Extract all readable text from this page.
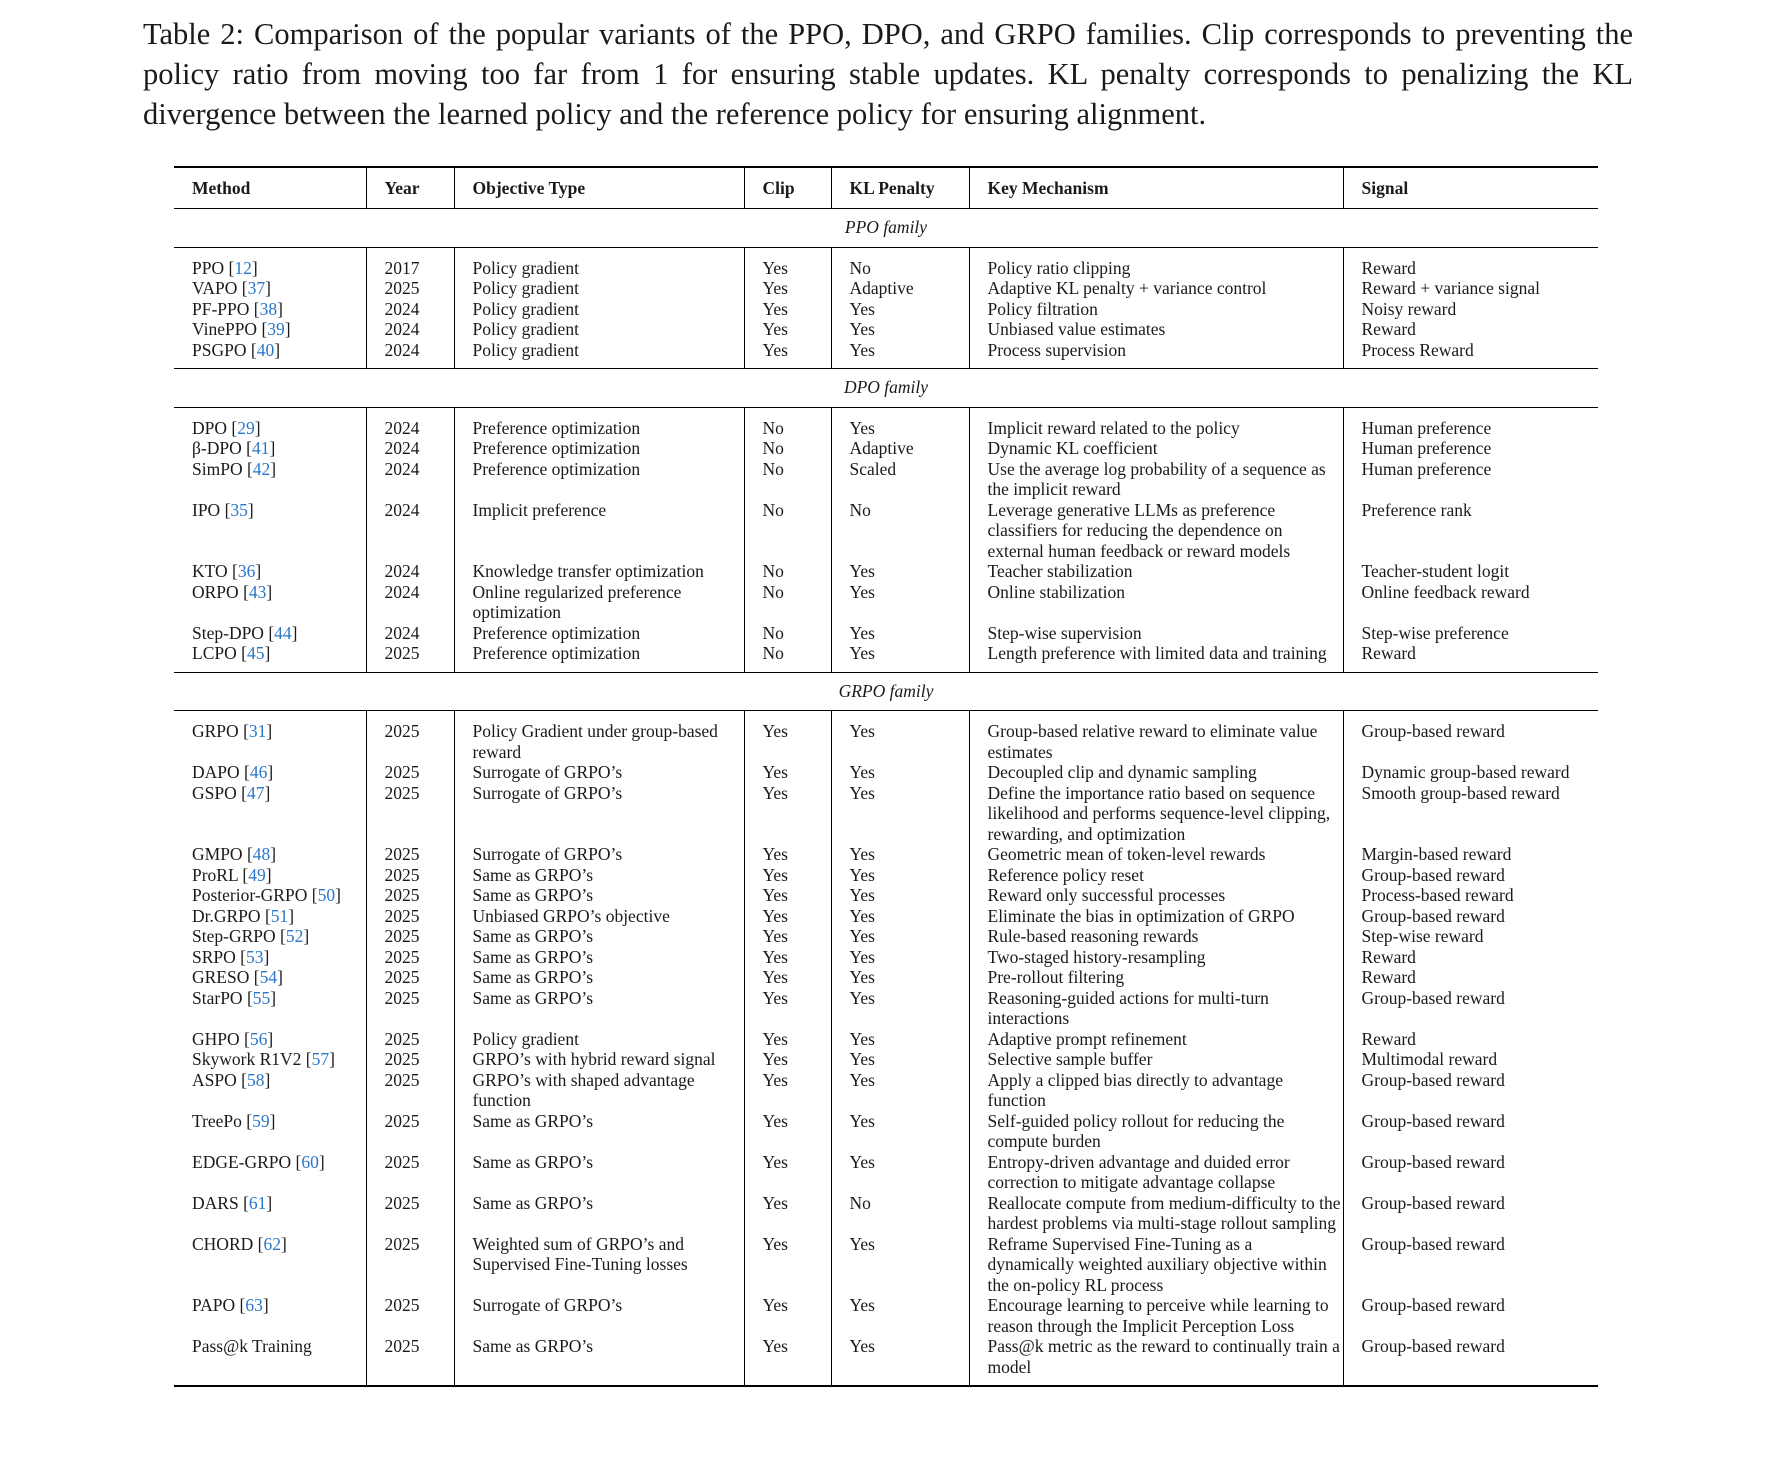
Table 2: Comparison of the popular variants of the PPO, DPO, and GRPO families. Clip corresponds to preventing the policy ratio from moving too far from 1 for ensuring stable updates. KL penalty corresponds to penalizing the KL divergence between the learned policy and the reference policy for ensuring alignment.
Method	Year	Objective Type	Clip	KL Penalty	Key Mechanism	Signal
PPO family						
PPO [12]	2017	Policy gradient	Yes	No	Policy ratio clipping	Reward
VAPO [37]	2025	Policy gradient	Yes	Adaptive	Adaptive KL penalty + variance control	Reward + variance signal
PF-PPO [38]	2024	Policy gradient	Yes	Yes	Policy filtration	Noisy reward
VinePPO [39]	2024	Policy gradient	Yes	Yes	Unbiased value estimates	Reward
PSGPO [40]	2024	Policy gradient	Yes	Yes	Process supervision	Process Reward
DPO family						
DPO [29]	2024	Preference optimization	No	Yes	Implicit reward related to the policy	Human preference
β-DPO [41]	2024	Preference optimization	No	Adaptive	Dynamic KL coefficient	Human preference
SimPO [42]	2024	Preference optimization	No	Scaled	Use the average log probability of a sequence as the implicit reward	Human preference
IPO [35]	2024	Implicit preference	No	No	Leverage generative LLMs as preference classifiers for reducing the dependence on external human feedback or reward models	Preference rank
KTO [36]	2024	Knowledge transfer optimization	No	Yes	Teacher stabilization	Teacher-student logit
ORPO [43]	2024	Online regularized preference optimization	No	Yes	Online stabilization	Online feedback reward
Step-DPO [44]	2024	Preference optimization	No	Yes	Step-wise supervision	Step-wise preference
LCPO [45]	2025	Preference optimization	No	Yes	Length preference with limited data and training	Reward
GRPO family						
GRPO [31]	2025	Policy Gradient under group-based reward	Yes	Yes	Group-based relative reward to eliminate value estimates	Group-based reward
DAPO [46]	2025	Surrogate of GRPO’s	Yes	Yes	Decoupled clip and dynamic sampling	Dynamic group-based reward
GSPO [47]	2025	Surrogate of GRPO’s	Yes	Yes	Define the importance ratio based on sequence likelihood and performs sequence-level clipping, rewarding, and optimization	Smooth group-based reward
GMPO [48]	2025	Surrogate of GRPO’s	Yes	Yes	Geometric mean of token-level rewards	Margin-based reward
ProRL [49]	2025	Same as GRPO’s	Yes	Yes	Reference policy reset	Group-based reward
Posterior-GRPO [50]	2025	Same as GRPO’s	Yes	Yes	Reward only successful processes	Process-based reward
Dr.GRPO [51]	2025	Unbiased GRPO’s objective	Yes	Yes	Eliminate the bias in optimization of GRPO	Group-based reward
Step-GRPO [52]	2025	Same as GRPO’s	Yes	Yes	Rule-based reasoning rewards	Step-wise reward
SRPO [53]	2025	Same as GRPO’s	Yes	Yes	Two-staged history-resampling	Reward
GRESO [54]	2025	Same as GRPO’s	Yes	Yes	Pre-rollout filtering	Reward
StarPO [55]	2025	Same as GRPO’s	Yes	Yes	Reasoning-guided actions for multi-turn interactions	Group-based reward
GHPO [56]	2025	Policy gradient	Yes	Yes	Adaptive prompt refinement	Reward
Skywork R1V2 [57]	2025	GRPO’s with hybrid reward signal	Yes	Yes	Selective sample buffer	Multimodal reward
ASPO [58]	2025	GRPO’s with shaped advantage function	Yes	Yes	Apply a clipped bias directly to advantage function	Group-based reward
TreePo [59]	2025	Same as GRPO’s	Yes	Yes	Self-guided policy rollout for reducing the compute burden	Group-based reward
EDGE-GRPO [60]	2025	Same as GRPO’s	Yes	Yes	Entropy-driven advantage and duided error correction to mitigate advantage collapse	Group-based reward
DARS [61]	2025	Same as GRPO’s	Yes	No	Reallocate compute from medium-difficulty to the hardest problems via multi-stage rollout sampling	Group-based reward
CHORD [62]	2025	Weighted sum of GRPO’s and Supervised Fine-Tuning losses	Yes	Yes	Reframe Supervised Fine-Tuning as a dynamically weighted auxiliary objective within the on-policy RL process	Group-based reward
PAPO [63]	2025	Surrogate of GRPO’s	Yes	Yes	Encourage learning to perceive while learning to reason through the Implicit Perception Loss	Group-based reward
Pass@k Training	2025	Same as GRPO’s	Yes	Yes	Pass@k metric as the reward to continually train a model	Group-based reward
